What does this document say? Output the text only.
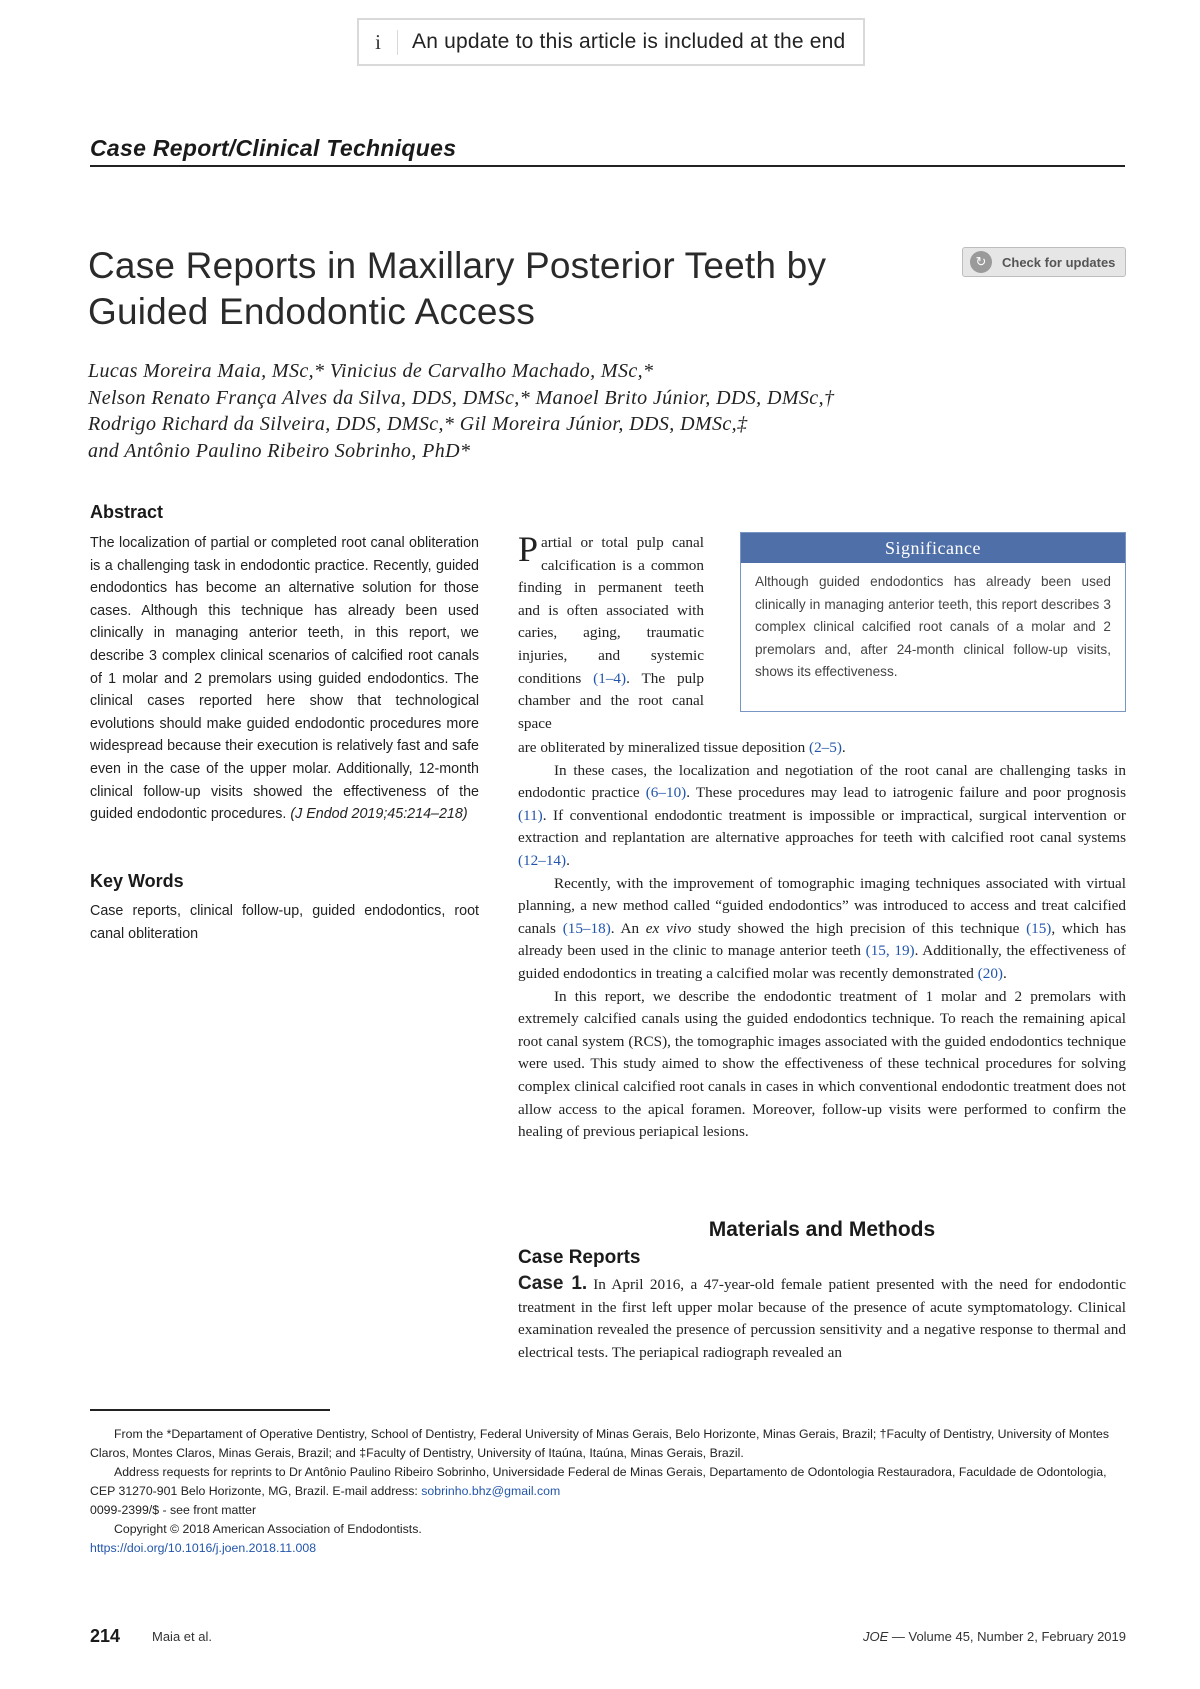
i	An update to this article is included at the end
Case Report/Clinical Techniques
Case Reports in Maxillary Posterior Teeth by
Guided Endodontic Access
↻	Check for updates
Lucas Moreira Maia, MSc,* Vinicius de Carvalho Machado, MSc,*
Nelson Renato França Alves da Silva, DDS, DMSc,* Manoel Brito Júnior, DDS, DMSc,†
Rodrigo Richard da Silveira, DDS, DMSc,* Gil Moreira Júnior, DDS, DMSc,‡
and Antônio Paulino Ribeiro Sobrinho, PhD*
Abstract
The localization of partial or completed root canal obliteration is a challenging task in endodontic practice. Recently, guided endodontics has become an alternative solution for those cases. Although this technique has already been used clinically in managing anterior teeth, in this report, we describe 3 complex clinical scenarios of calcified root canals of 1 molar and 2 premolars using guided endodontics. The clinical cases reported here show that technological evolutions should make guided endodontic procedures more widespread because their execution is relatively fast and safe even in the case of the upper molar. Additionally, 12-month clinical follow-up visits showed the effectiveness of the guided endodontic procedures. (J Endod 2019;45:214–218)
Key Words
Case reports, clinical follow-up, guided endodontics, root canal obliteration
Significance
Although guided endodontics has already been used clinically in managing anterior teeth, this report describes 3 complex clinical calcified root canals of a molar and 2 premolars and, after 24-month clinical follow-up visits, shows its effectiveness.
Partial or total pulp canal calcification is a common finding in permanent teeth and is often associated with caries, aging, traumatic injuries, and systemic conditions (1–4). The pulp chamber and the root canal space

are obliterated by mineralized tissue deposition (2–5).

In these cases, the localization and negotiation of the root canal are challenging tasks in endodontic practice (6–10). These procedures may lead to iatrogenic failure and poor prognosis (11). If conventional endodontic treatment is impossible or impractical, surgical intervention or extraction and replantation are alternative approaches for teeth with calcified root canal systems (12–14).

Recently, with the improvement of tomographic imaging techniques associated with virtual planning, a new method called “guided endodontics” was introduced to access and treat calcified canals (15–18). An ex vivo study showed the high precision of this technique (15), which has already been used in the clinic to manage anterior teeth (15, 19). Additionally, the effectiveness of guided endodontics in treating a calcified molar was recently demonstrated (20).

In this report, we describe the endodontic treatment of 1 molar and 2 premolars with extremely calcified canals using the guided endodontics technique. To reach the remaining apical root canal system (RCS), the tomographic images associated with the guided endodontics technique were used. This study aimed to show the effectiveness of these technical procedures for solving complex clinical calcified root canals in cases in which conventional endodontic treatment does not allow access to the apical foramen. Moreover, follow-up visits were performed to confirm the healing of previous periapical lesions.

Materials and Methods
Case Reports
Case 1. In April 2016, a 47-year-old female patient presented with the need for endodontic treatment in the first left upper molar because of the presence of acute symptomatology. Clinical examination revealed the presence of percussion sensitivity and a negative response to thermal and electrical tests. The periapical radiograph revealed an

From the *Departament of Operative Dentistry, School of Dentistry, Federal University of Minas Gerais, Belo Horizonte, Minas Gerais, Brazil; †Faculty of Dentistry, University of Montes Claros, Montes Claros, Minas Gerais, Brazil; and ‡Faculty of Dentistry, University of Itaúna, Itaúna, Minas Gerais, Brazil.

Address requests for reprints to Dr Antônio Paulino Ribeiro Sobrinho, Universidade Federal de Minas Gerais, Departamento de Odontologia Restauradora, Faculdade de Odontologia, CEP 31270-901 Belo Horizonte, MG, Brazil. E-mail address: sobrinho.bhz@gmail.com

0099-2399/$ - see front matter

Copyright © 2018 American Association of Endodontists.

https://doi.org/10.1016/j.joen.2018.11.008

214 Maia et al.	JOE — Volume 45, Number 2, February 2019
